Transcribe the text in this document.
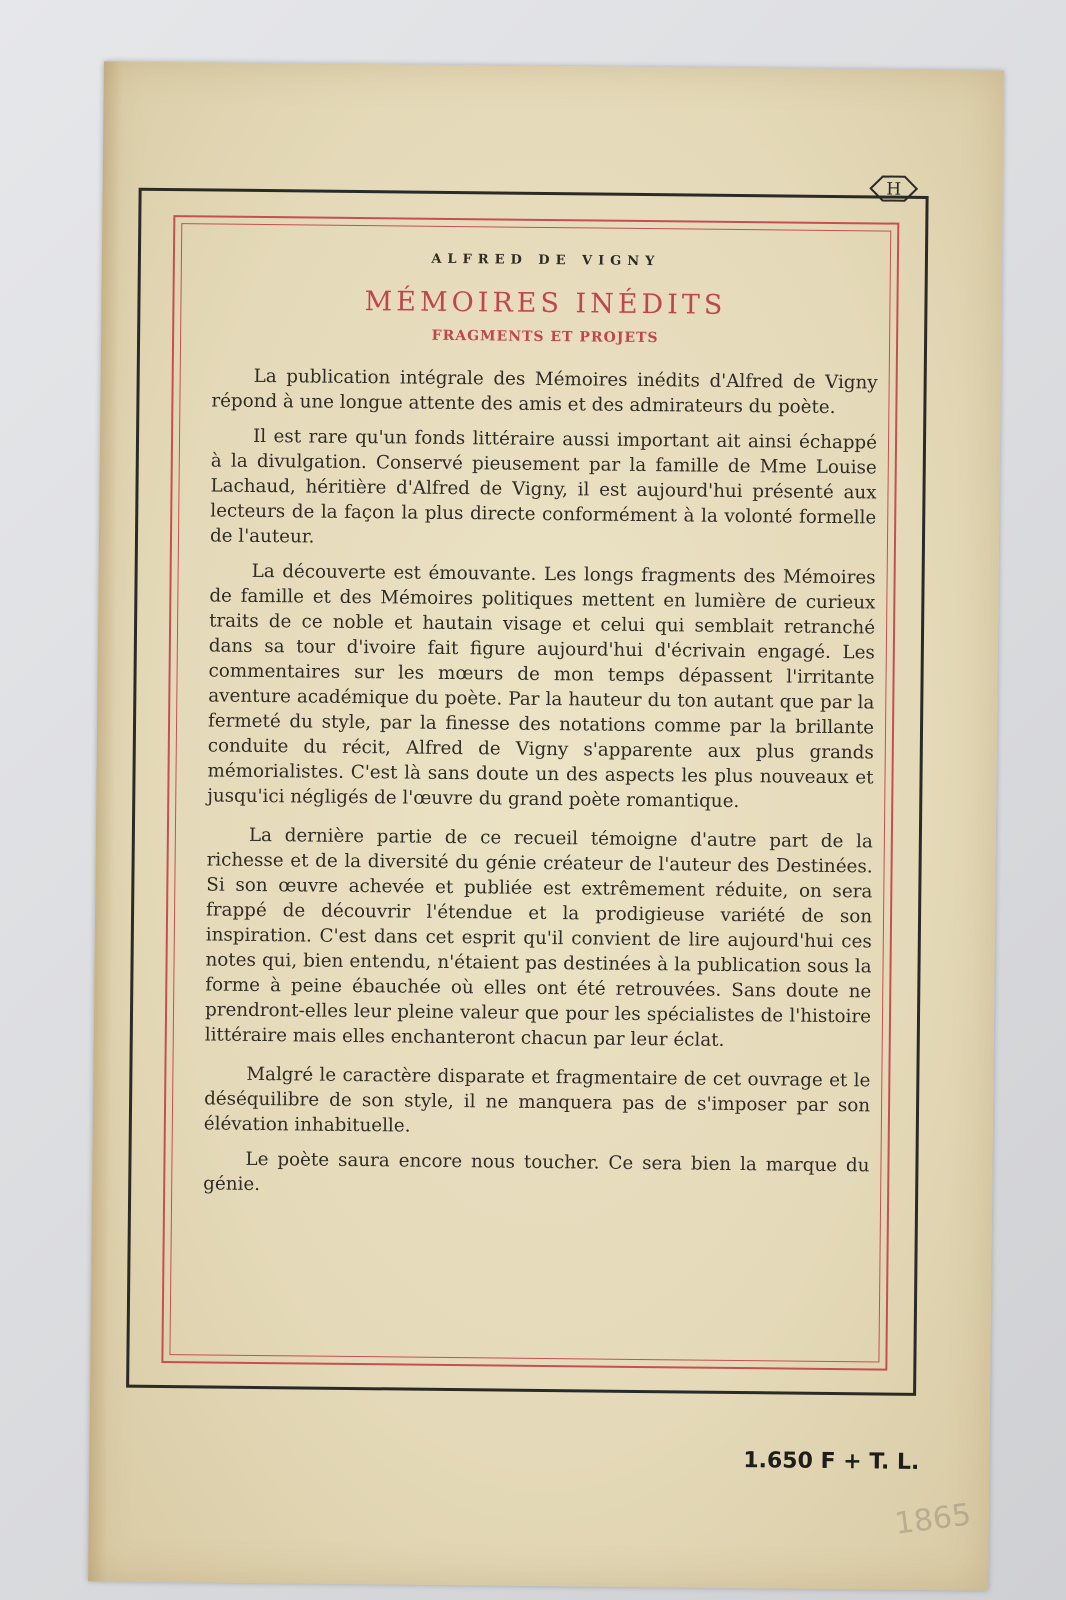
H
ALFRED DE VIGNY
MÉMOIRES INÉDITS
FRAGMENTS ET PROJETS

La publication intégrale des Mémoires inédits d'Alfred de Vigny répond à une longue attente des amis et des admirateurs du poète.

Il est rare qu'un fonds littéraire aussi important ait ainsi échappé à la divulgation. Conservé pieusement par la famille de Mme Louise Lachaud, héritière d'Alfred de Vigny, il est aujourd'hui présenté aux lecteurs de la façon la plus directe conformément à la volonté formelle de l'auteur.

La découverte est émouvante. Les longs fragments des Mémoires de famille et des Mémoires politiques mettent en lumière de curieux traits de ce noble et hautain visage et celui qui semblait retranché dans sa tour d'ivoire fait figure aujourd'hui d'écrivain engagé. Les commentaires sur les mœurs de mon temps dépassent l'irritante aventure académique du poète. Par la hauteur du ton autant que par la fermeté du style, par la finesse des notations comme par la brillante conduite du récit, Alfred de Vigny s'apparente aux plus grands mémorialistes. C'est là sans doute un des aspects les plus nouveaux et jusqu'ici négligés de l'œuvre du grand poète romantique.

La dernière partie de ce recueil témoigne d'autre part de la richesse et de la diversité du génie créateur de l'auteur des Destinées. Si son œuvre achevée et publiée est extrêmement réduite, on sera frappé de découvrir l'étendue et la prodigieuse variété de son inspiration. C'est dans cet esprit qu'il convient de lire aujourd'hui ces notes qui, bien entendu, n'étaient pas destinées à la publication sous la forme à peine ébauchée où elles ont été retrouvées. Sans doute ne prendront-elles leur pleine valeur que pour les spécialistes de l'histoire littéraire mais elles enchanteront chacun par leur éclat.

Malgré le caractère disparate et fragmentaire de cet ouvrage et le déséquilibre de son style, il ne manquera pas de s'imposer par son élévation inhabituelle.

Le poète saura encore nous toucher. Ce sera bien la marque du génie.

1.650 F + T. L.
1865
